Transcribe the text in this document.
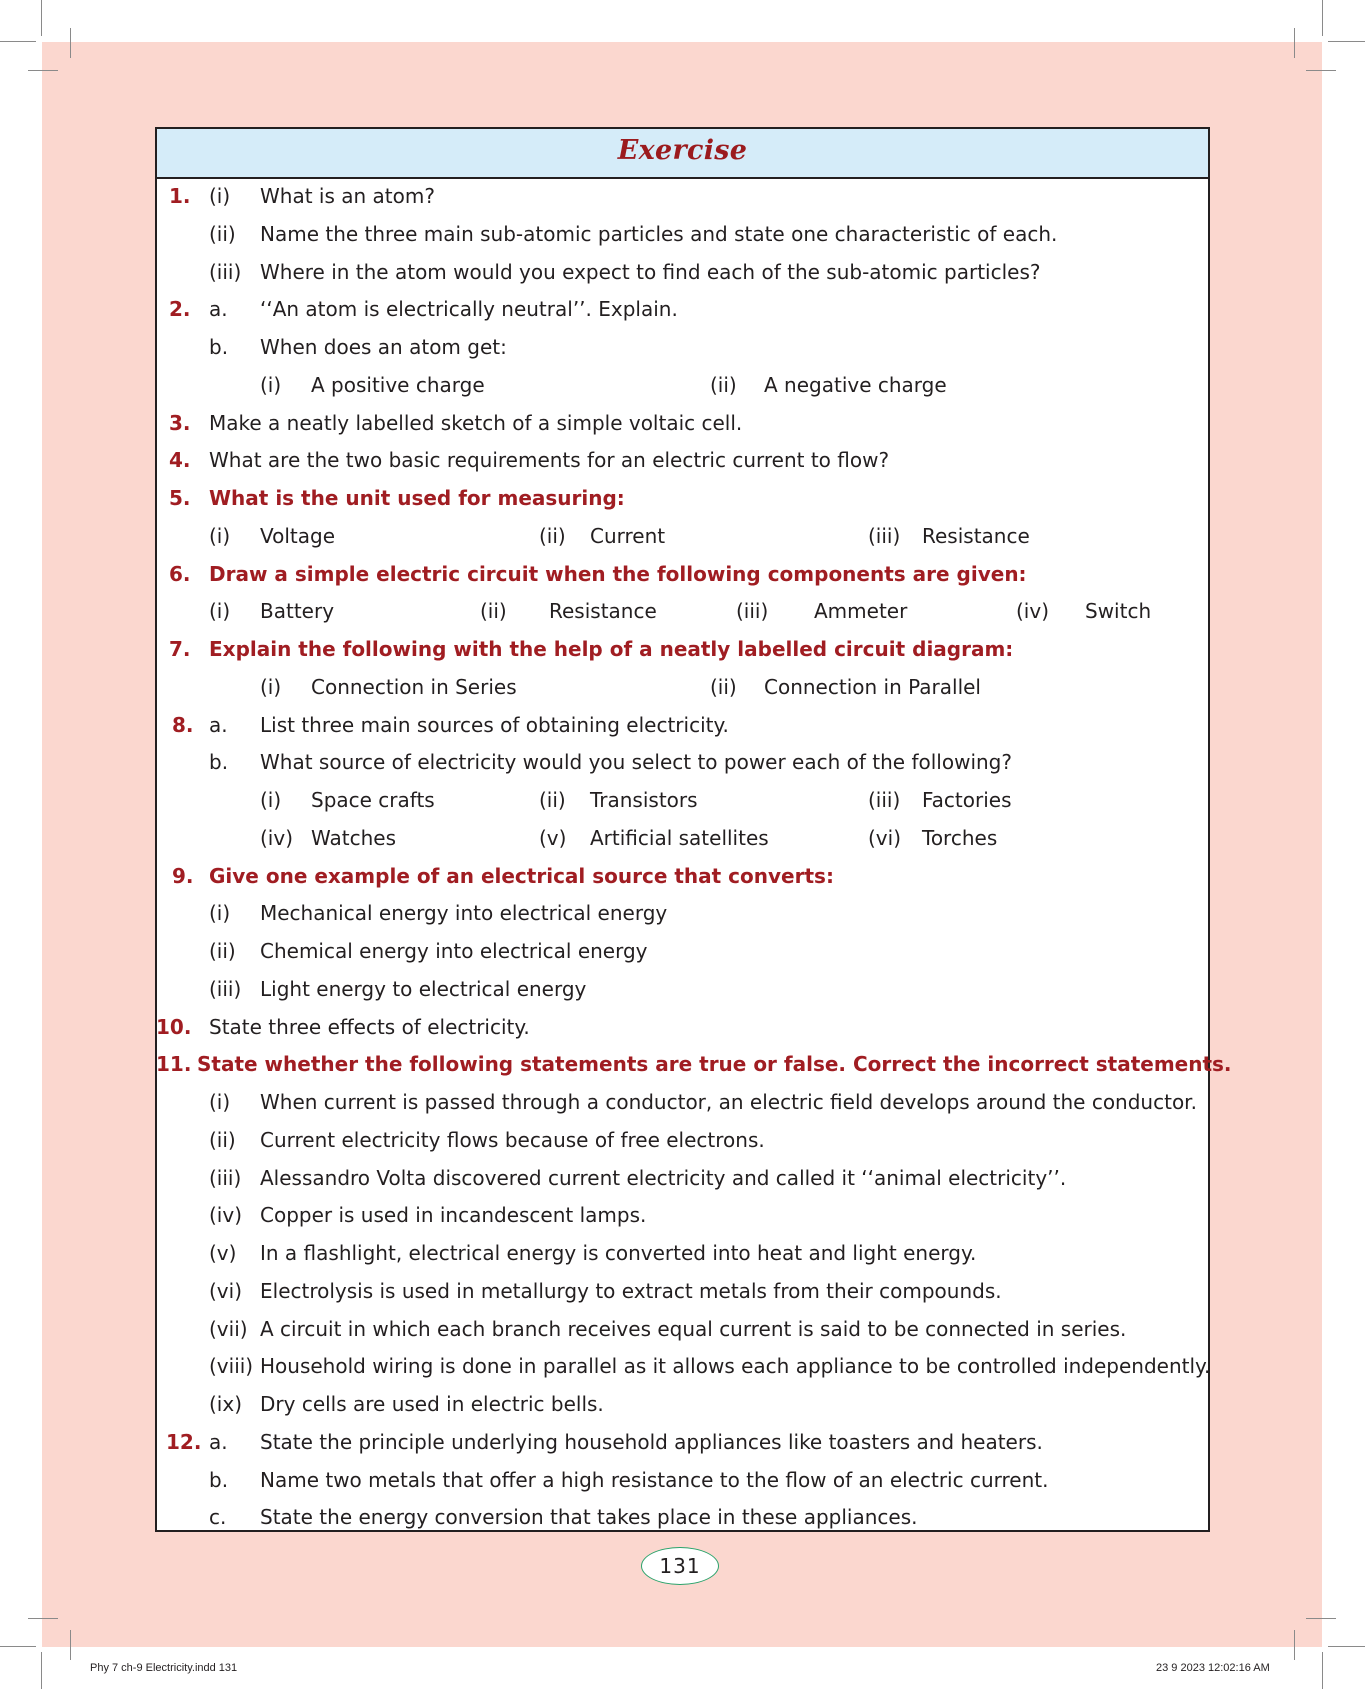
Exercise
1. (i) What is an atom?
(ii) Name the three main sub-atomic particles and state one characteristic of each.
(iii) Where in the atom would you expect to find each of the sub-atomic particles?
2. a. ‘‘An atom is electrically neutral’’. Explain.
b. When does an atom get:
(i) A positive charge	(ii) A negative charge
3. Make a neatly labelled sketch of a simple voltaic cell.
4. What are the two basic requirements for an electric current to flow?
5. What is the unit used for measuring:
(i) Voltage	(ii) Current	(iii) Resistance
6. Draw a simple electric circuit when the following components are given:
(i) Battery	(ii) Resistance	(iii) Ammeter	(iv) Switch
7. Explain the following with the help of a neatly labelled circuit diagram:
(i) Connection in Series	(ii) Connection in Parallel
8. a. List three main sources of obtaining electricity.
b. What source of electricity would you select to power each of the following?
(i) Space crafts	(ii) Transistors	(iii) Factories
(iv) Watches	(v) Artificial satellites	(vi) Torches
9. Give one example of an electrical source that converts:
(i) Mechanical energy into electrical energy
(ii) Chemical energy into electrical energy
(iii) Light energy to electrical energy
10. State three effects of electricity.
11. State whether the following statements are true or false. Correct the incorrect statements.
(i) When current is passed through a conductor, an electric field develops around the conductor.
(ii) Current electricity flows because of free electrons.
(iii) Alessandro Volta discovered current electricity and called it ‘‘animal electricity’’.
(iv) Copper is used in incandescent lamps.
(v) In a flashlight, electrical energy is converted into heat and light energy.
(vi) Electrolysis is used in metallurgy to extract metals from their compounds.
(vii) A circuit in which each branch receives equal current is said to be connected in series.
(viii) Household wiring is done in parallel as it allows each appliance to be controlled independently.
(ix) Dry cells are used in electric bells.
12. a. State the principle underlying household appliances like toasters and heaters.
b. Name two metals that offer a high resistance to the flow of an electric current.
c. State the energy conversion that takes place in these appliances.
131
Phy 7 ch-9 Electricity.indd 131	23 9 2023 12:02:16 AM
